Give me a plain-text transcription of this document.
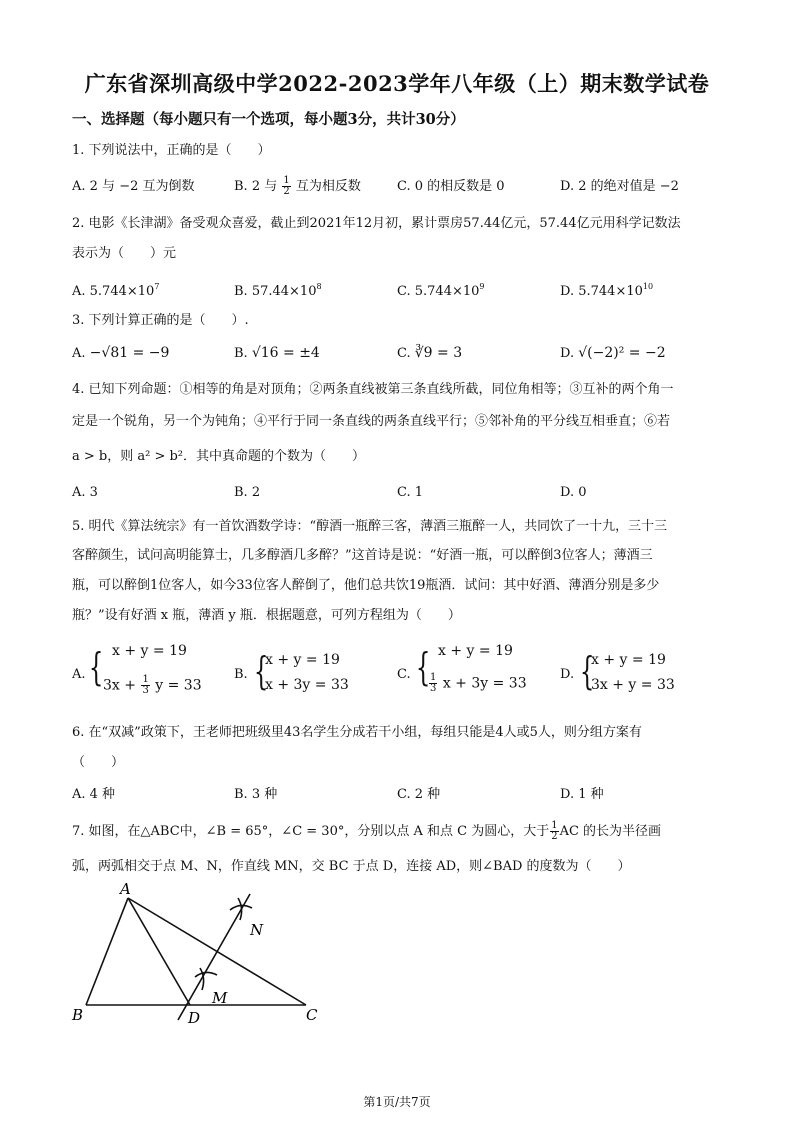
广东省深圳高级中学2022-2023学年八年级（上）期末数学试卷
一、选择题（每小题只有一个选项，每小题3分，共计30分）
1. 下列说法中，正确的是（　　）
A. 2 与 −2 互为倒数	B. 2 与 $\frac{1}{2}$ 互为相反数	C. 0 的相反数是 0	D. 2 的绝对值是 −2
2. 电影《长津湖》备受观众喜爱，截止到2021年12月初，累计票房57.44亿元，57.44亿元用科学记数法
表示为（　　）元
A. $5.744\times 10^7$	B. $57.44\times 10^8$	C. $5.744\times 10^9$	D. $5.744\times 10^{10}$
3. 下列计算正确的是（　　）.
A. −√81 = −9	B. √16 = ±4	C. ∛9 = 3	D. √(−2)² = −2
4. 已知下列命题：①相等的角是对顶角；②两条直线被第三条直线所截，同位角相等；③互补的两个角一
定是一个锐角，另一个为钝角；④平行于同一条直线的两条直线平行；⑤邻补角的平分线互相垂直；⑥若
a > b，则 a² > b²．其中真命题的个数为（　　）
A. 3	B. 2	C. 1	D. 0
5. 明代《算法统宗》有一首饮酒数学诗：“醇酒一瓶醉三客，薄酒三瓶醉一人，共同饮了一十九，三十三
客醉颜生，试问高明能算士，几多醇酒几多醉？”这首诗是说：“好酒一瓶，可以醉倒3位客人；薄酒三
瓶，可以醉倒1位客人，如今33位客人醉倒了，他们总共饮19瓶酒．试问：其中好酒、薄酒分别是多少
瓶？”设有好酒 x 瓶，薄酒 y 瓶．根据题意，可列方程组为（　　）
A. { x + y = 19
$3x + \frac{1}{3}$ y = 33
B. {
x + y = 19
x + 3y = 33
C. { x + y = 19
$\frac{1}{3}$ x + 3y = 33
D. {
x + y = 19
3x + y = 33
6. 在“双减”政策下，王老师把班级里43名学生分成若干小组，每组只能是4人或5人，则分组方案有
（　　）
A. 4 种	B. 3 种	C. 2 种	D. 1 种
7. 如图，在△ABC中，∠B = 65°，∠C = 30°，分别以点 A 和点 C 为圆心，大于 $\frac{1}{2}$ AC 的长为半径画
弧，两弧相交于点 M、N，作直线 MN，交 BC 于点 D，连接 AD，则∠BAD 的度数为（　　）
A
B	C
D
M
N
第1页/共7页
